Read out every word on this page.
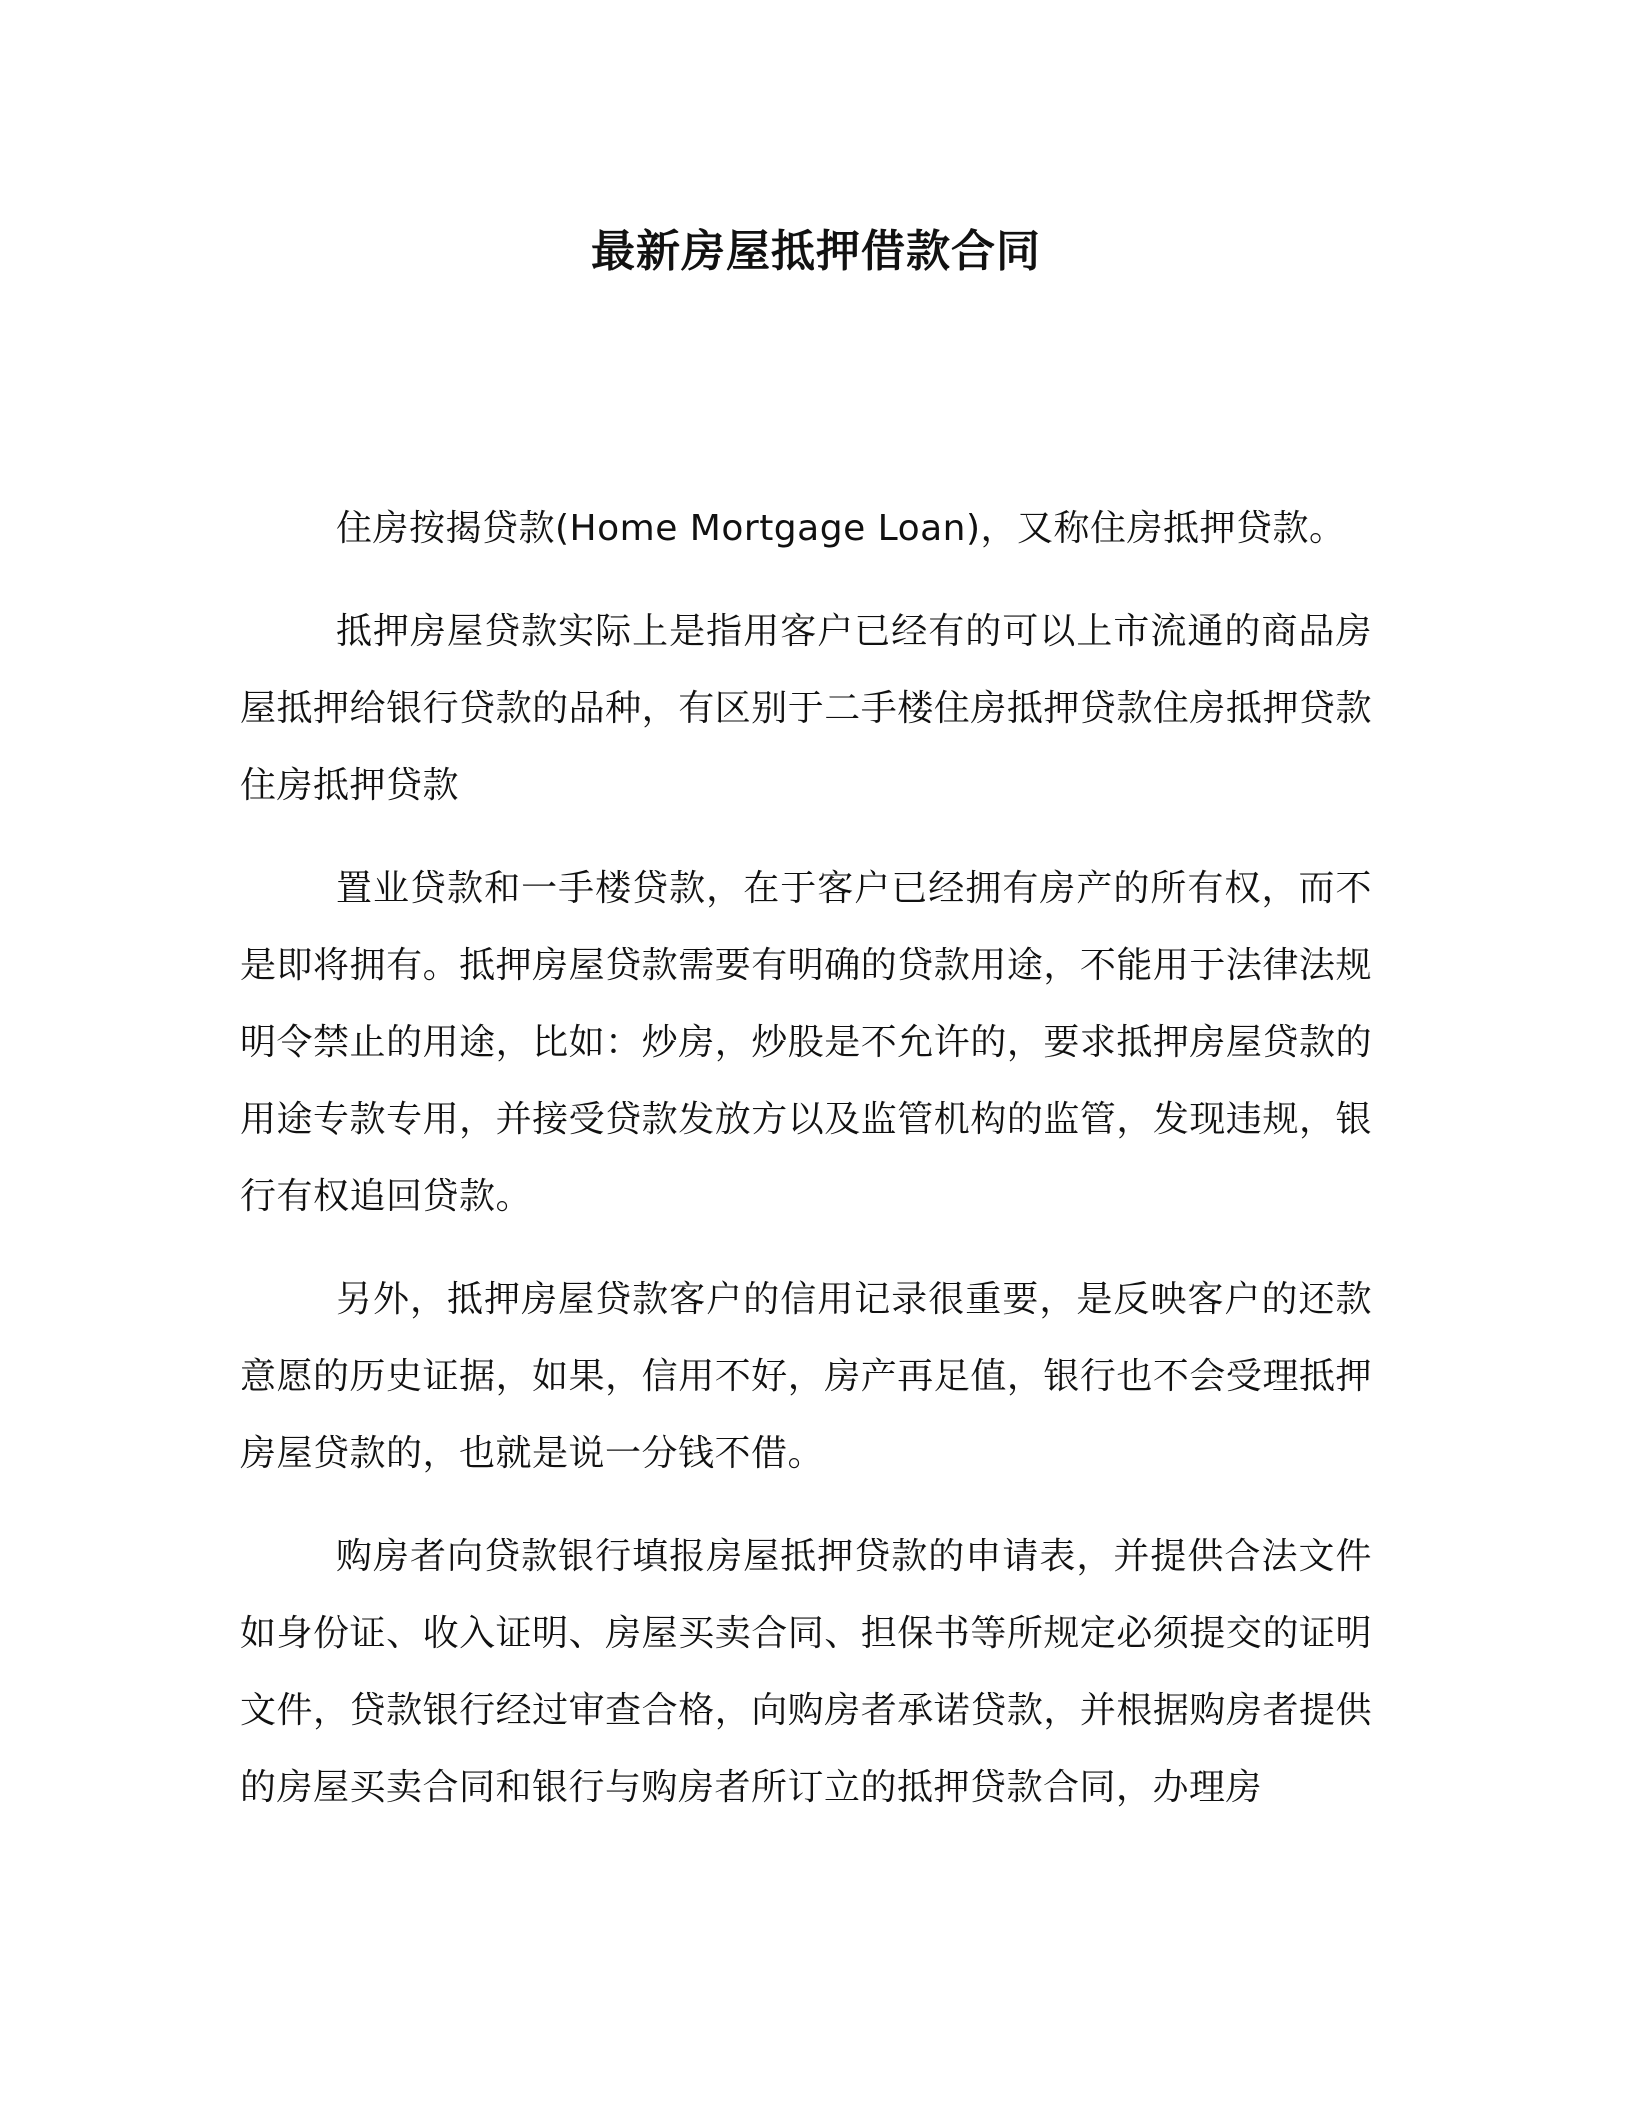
最新房屋抵押借款合同

住房按揭贷款(Home Mortgage Loan)，又称住房抵押贷款。

抵押房屋贷款实际上是指用客户已经有的可以上市流通的商品房屋抵押给银行贷款的品种，有区别于二手楼住房抵押贷款住房抵押贷款住房抵押贷款

置业贷款和一手楼贷款，在于客户已经拥有房产的所有权，而不是即将拥有。抵押房屋贷款需要有明确的贷款用途，不能用于法律法规明令禁止的用途，比如：炒房，炒股是不允许的，要求抵押房屋贷款的用途专款专用，并接受贷款发放方以及监管机构的监管，发现违规，银行有权追回贷款。

另外，抵押房屋贷款客户的信用记录很重要，是反映客户的还款意愿的历史证据，如果，信用不好，房产再足值，银行也不会受理抵押房屋贷款的，也就是说一分钱不借。

购房者向贷款银行填报房屋抵押贷款的申请表，并提供合法文件如身份证、收入证明、房屋买卖合同、担保书等所规定必须提交的证明文件，贷款银行经过审查合格，向购房者承诺贷款，并根据购房者提供的房屋买卖合同和银行与购房者所订立的抵押贷款合同，办理房
